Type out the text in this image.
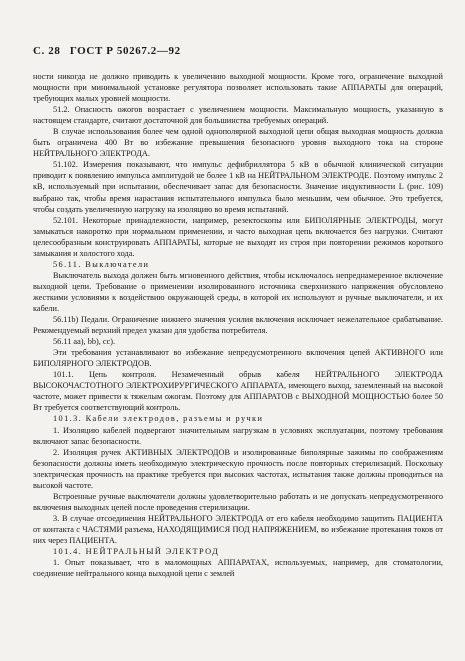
С. 28 ГОСТ Р 50267.2—92

ности никогда не должно приводить к увеличению выходной мощности. Кроме того, ограничение выходной мощности при минимальной установке регулятора позволяет использовать такие АППАРАТЫ для операций, требующих малых уровней мощности.

51.2. Опасность ожогов возрастает с увеличением мощности. Максимальную мощность, указанную в настоящем стандарте, считают достаточной для большинства требуемых операций.

В случае использования более чем одной однополярной выходной цепи общая выходная мощность должна быть ограничена 400 Вт во избежание превышения безопасного уровня выходного тока на стороне НЕЙТРАЛЬНОГО ЭЛЕКТРОДА.

51.102. Измерения показывают, что импульс дефибриллятора 5 кВ в обычной клинической ситуации приводит к появлению импульса амплитудой не более 1 кВ на НЕЙТРАЛЬНОМ ЭЛЕКТРОДЕ. Поэтому импульс 2 кВ, используемый при испытании, обеспечивает запас для безопасности. Значение индуктивности L (рис. 109) выбрано так, чтобы время нарастания испытательного импульса было меньшим, чем обычное. Это требуется, чтобы создать увеличенную нагрузку на изоляцию во время испытаний.

52.101. Некоторые принадлежности, например, резектоскопы или БИПОЛЯРНЫЕ ЭЛЕКТРОДЫ, могут замыкаться накоротко при нормальном применении, и часто выходная цепь включается без нагрузки. Считают целесообразным конструировать АППАРАТЫ, которые не выходят из строя при повторении режимов короткого замыкания и холостого хода.

56.11. Выключатели

Выключатель выхода должен быть мгновенного действия, чтобы исключалось непреднамеренное включение выходной цепи. Требование о применении изолированного источника сверхнизкого напряжения обусловлено жесткими условиями к воздействию окружающей среды, в которой их используют и ручные выключатели, и их кабели.

56.11b) Педали. Ограничение нижнего значения усилия включения исключает нежелательное срабатывание. Рекомендуемый верхний предел указан для удобства потребителя.

56.11 аа), bb), сс).

Эти требования устанавливают во избежание непредусмотренного включения цепей АКТИВНОГО или БИПОЛЯРНОГО ЭЛЕКТРОДОВ.

101.1. Цепь контроля. Незамеченный обрыв кабеля НЕЙТРАЛЬНОГО ЭЛЕКТРОДА ВЫСОКОЧАСТОТНОГО ЭЛЕКТРОХИРУРГИЧЕСКОГО АППАРАТА, имеющего выход, заземленный на высокой частоте, может привести к тяжелым ожогам. Поэтому для АППАРАТОВ с ВЫХОДНОЙ МОЩНОСТЬЮ более 50 Вт требуется соответствующий контроль.

101.3. Кабели электродов, разъемы и ручки

1. Изоляцию кабелей подвергают значительным нагрузкам в условиях эксплуатации, поэтому требования включают запас безопасности.

2. Изоляция ручек АКТИВНЫХ ЭЛЕКТРОДОВ и изолированные биполярные зажимы по соображениям безопасности должны иметь необходимую электрическую прочность после повторных стерилизаций. Поскольку электрическая прочность на практике требуется при высоких частотах, испытания также должны проводиться на высокой частоте.

Встроенные ручные выключатели должны удовлетворительно работать и не допускать непредусмотренного включения выходных цепей после проведения стерилизации.

3. В случае отсоединения НЕЙТРАЛЬНОГО ЭЛЕКТРОДА от его кабеля необходимо защитить ПАЦИЕНТА от контакта с ЧАСТЯМИ разъема, НАХОДЯЩИМИСЯ ПОД НАПРЯЖЕНИЕМ, во избежание протекания токов от них через ПАЦИЕНТА.

101.4. НЕЙТРАЛЬНЫЙ ЭЛЕКТРОД

1. Опыт показывает, что в маломощных АППАРАТАХ, используемых, например, для стоматологии, соединение нейтрального конца выходной цепи с землей
